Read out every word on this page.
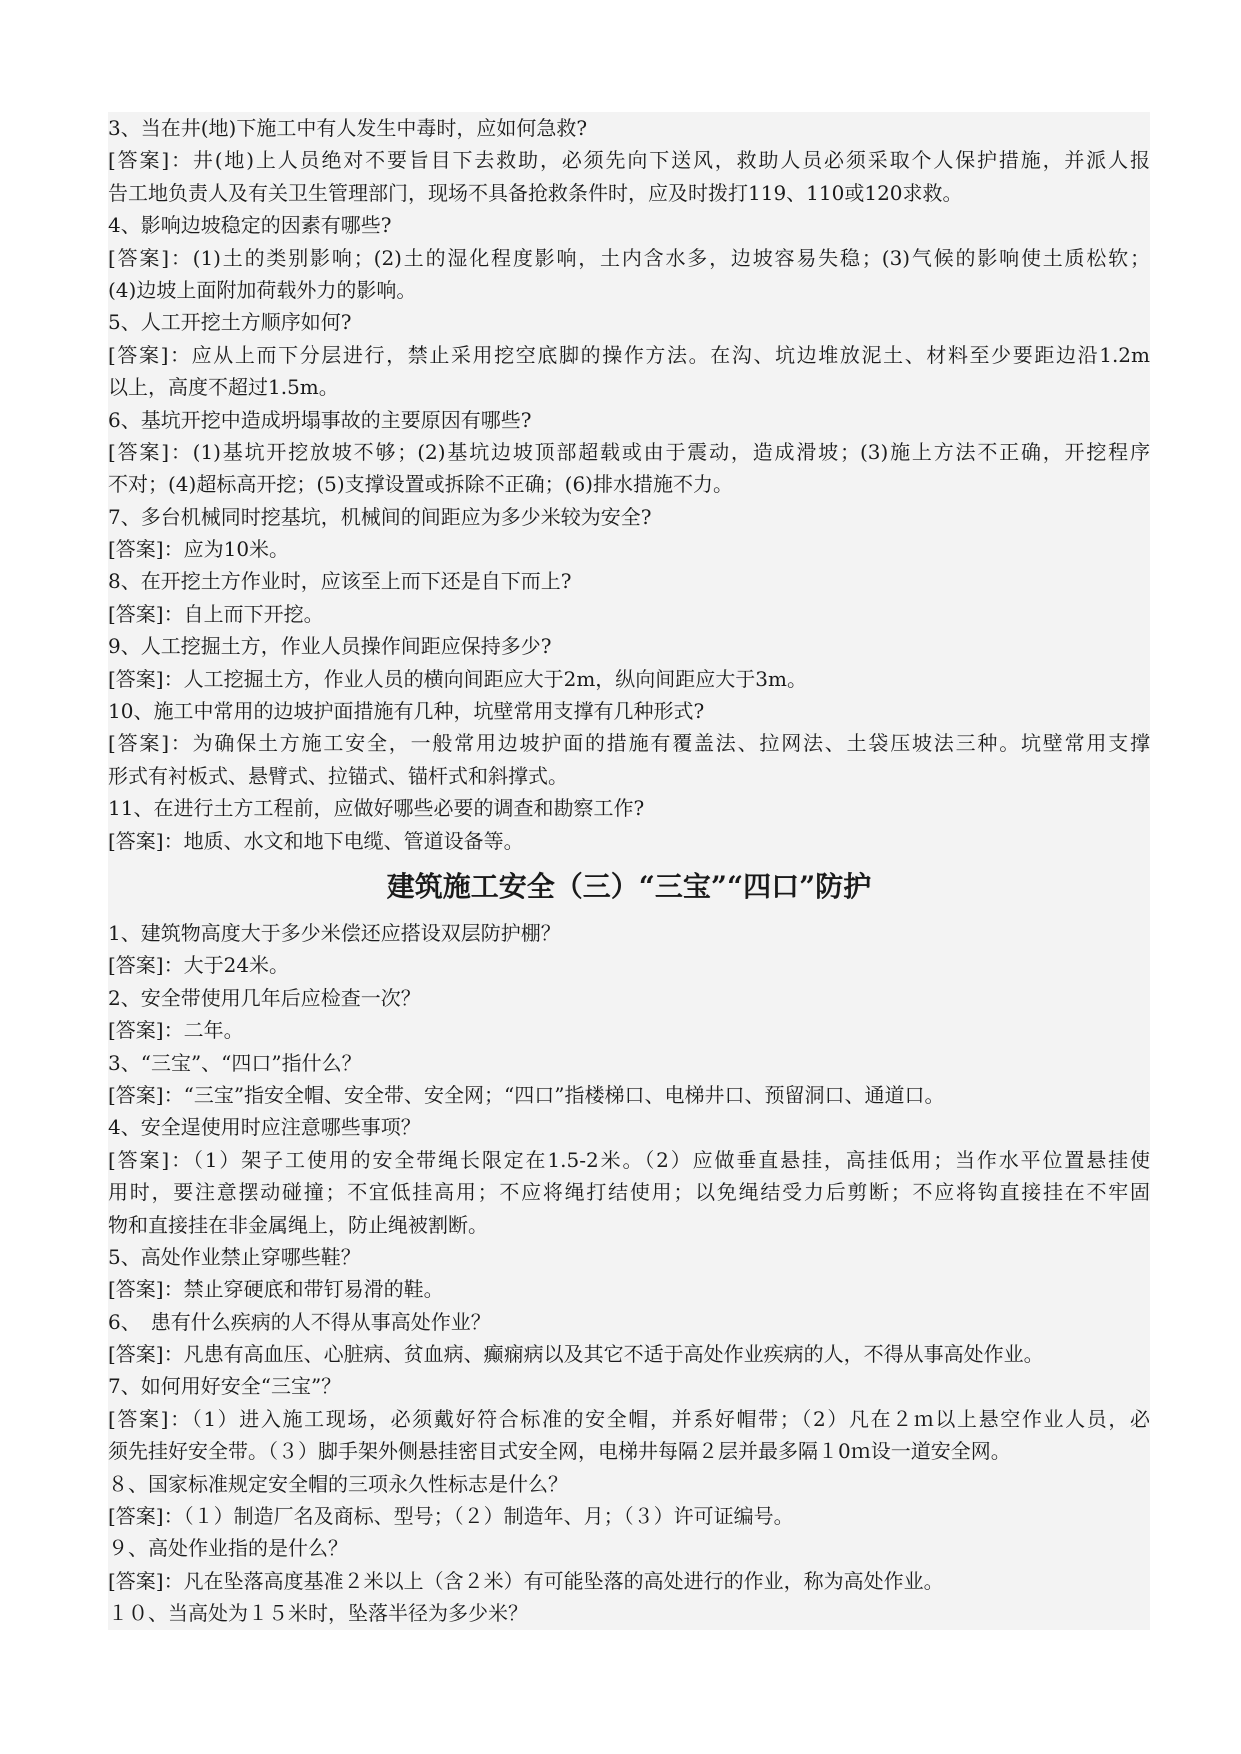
3、当在井(地)下施工中有人发生中毒时，应如何急救?
[答案]：井(地)上人员绝对不要旨目下去救助，必须先向下送风，救助人员必须采取个人保护措施，并派人报
告工地负责人及有关卫生管理部门，现场不具备抢救条件时，应及时拨打119、110或120求救。
4、影响边坡稳定的因素有哪些?
[答案]：(1)土的类别影响；(2)土的湿化程度影响，土内含水多，边坡容易失稳；(3)气候的影响使土质松软；
(4)边坡上面附加荷载外力的影响。
5、人工开挖土方顺序如何?
[答案]：应从上而下分层进行，禁止采用挖空底脚的操作方法。在沟、坑边堆放泥土、材料至少要距边沿1.2m
以上，高度不超过1.5m。
6、基坑开挖中造成坍塌事故的主要原因有哪些?
[答案]：(1)基坑开挖放坡不够；(2)基坑边坡顶部超载或由于震动，造成滑坡；(3)施上方法不正确，开挖程序
不对；(4)超标高开挖；(5)支撑设置或拆除不正确；(6)排水措施不力。
7、多台机械同时挖基坑，机械间的间距应为多少米较为安全?
[答案]：应为10米。
8、在开挖土方作业时，应该至上而下还是自下而上?
[答案]：自上而下开挖。
9、人工挖掘土方，作业人员操作间距应保持多少?
[答案]：人工挖掘土方，作业人员的横向间距应大于2m，纵向间距应大于3m。
10、施工中常用的边坡护面措施有几种，坑壁常用支撑有几种形式?
[答案]：为确保土方施工安全，一般常用边坡护面的措施有覆盖法、拉网法、土袋压坡法三种。坑壁常用支撑
形式有衬板式、悬臂式、拉锚式、锚杆式和斜撑式。
11、在进行土方工程前，应做好哪些必要的调查和勘察工作?
[答案]：地质、水文和地下电缆、管道设备等。
建筑施工安全（三）“三宝”“四口”防护
1、建筑物高度大于多少米偿还应搭设双层防护棚？
[答案]：大于24米。
2、安全带使用几年后应检查一次？
[答案]：二年。
3、“三宝”、“四口”指什么？
[答案]：“三宝”指安全帽、安全带、安全网；“四口”指楼梯口、电梯井口、预留洞口、通道口。
4、安全逞使用时应注意哪些事项？
[答案]：（1）架子工使用的安全带绳长限定在1.5-2米。（2）应做垂直悬挂，高挂低用；当作水平位置悬挂使
用时，要注意摆动碰撞；不宜低挂高用；不应将绳打结使用；以免绳结受力后剪断；不应将钩直接挂在不牢固
物和直接挂在非金属绳上，防止绳被割断。
5、高处作业禁止穿哪些鞋？
[答案]：禁止穿硬底和带钉易滑的鞋。
6、　患有什么疾病的人不得从事高处作业？
[答案]：凡患有高血压、心脏病、贫血病、癫痫病以及其它不适于高处作业疾病的人，不得从事高处作业。
7、如何用好安全“三宝”？
[答案]：（1）进入施工现场，必须戴好符合标准的安全帽，并系好帽带；（2）凡在２ｍ以上悬空作业人员，必
须先挂好安全带。（３）脚手架外侧悬挂密目式安全网，电梯井每隔２层并最多隔１0ｍ设一道安全网。
８、国家标准规定安全帽的三项永久性标志是什么？
[答案]：（１）制造厂名及商标、型号；（２）制造年、月；（３）许可证编号。
９、高处作业指的是什么？
[答案]：凡在坠落高度基准２米以上（含２米）有可能坠落的高处进行的作业，称为高处作业。
１０、当高处为１５米时，坠落半径为多少米？
